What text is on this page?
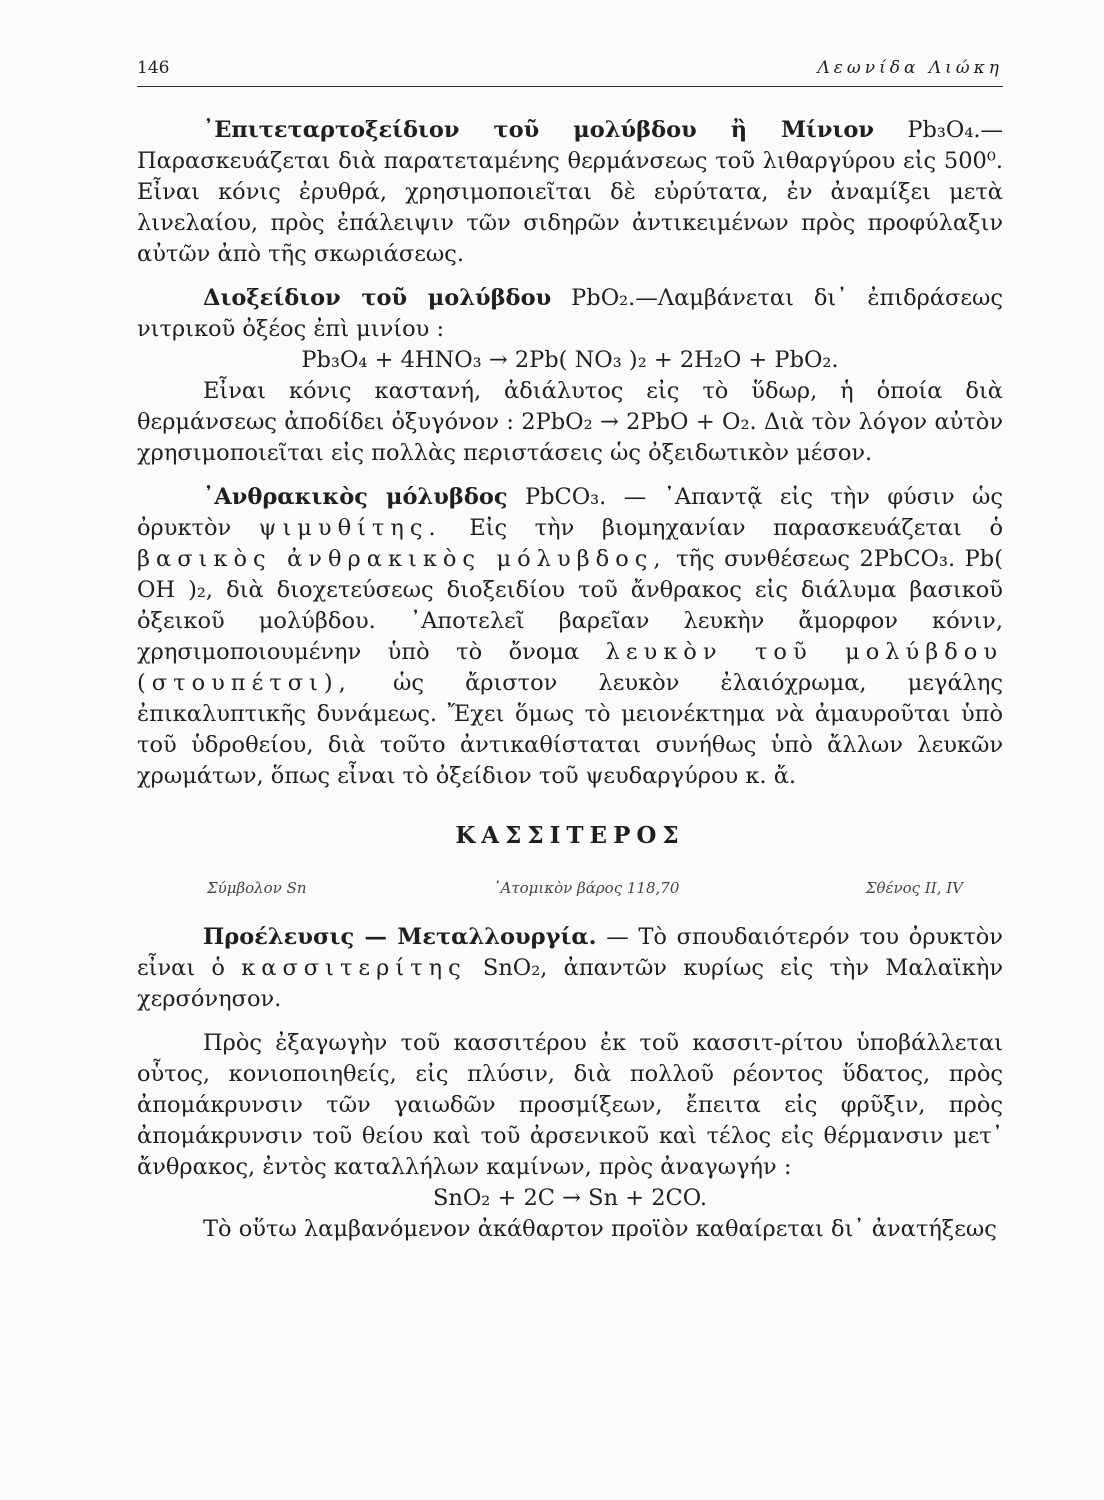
146	Λεωνίδα Λιώκη

᾿Επιτεταρτοξείδιον τοῦ μολύβδου ἢ Μίνιον Pb₃O₄.— Παρασκευάζεται διὰ παρατεταμένης θερμάνσεως τοῦ λιθαργύρου εἰς 500⁰. Εἶναι κόνις ἐρυθρά, χρησιμοποιεῖται δὲ εὐρύτατα, ἐν ἀναμίξει μετὰ λινελαίου, πρὸς ἐπάλειψιν τῶν σιδηρῶν ἀντικειμένων πρὸς προφύλαξιν αὐτῶν ἀπὸ τῆς σκωριάσεως.

Διοξείδιον τοῦ μολύβδου PbO₂.—Λαμβάνεται δι᾿ ἐπιδράσεως νιτρικοῦ ὀξέος ἐπὶ μινίου :

Pb₃O₄ + 4HNO₃ → 2Pb( NO₃ )₂ + 2H₂O + PbO₂.

Εἶναι κόνις καστανή, ἀδιάλυτος εἰς τὸ ὕδωρ, ἡ ὁποία διὰ θερμάνσεως ἀποδίδει ὀξυγόνον : 2PbO₂ → 2PbO + O₂. Διὰ τὸν λόγον αὐτὸν χρησιμοποιεῖται εἰς πολλὰς περιστάσεις ὡς ὀξειδωτικὸν μέσον.

᾿Ανθρακικὸς μόλυβδος PbCO₃. — ᾿Απαντᾷ εἰς τὴν φύσιν ὡς ὀρυκτὸν ψιμυθίτης. Εἰς τὴν βιομηχανίαν παρασκευάζεται ὁ βασικὸς ἀνθρακικὸς μόλυβδος, τῆς συνθέσεως 2PbCO₃. Pb( OH )₂, διὰ διοχετεύσεως διοξειδίου τοῦ ἄνθρακος εἰς διάλυμα βασικοῦ ὀξεικοῦ μολύβδου. ᾿Αποτελεῖ βαρεῖαν λευκὴν ἄμορφον κόνιν, χρησιμοποιουμένην ὑπὸ τὸ ὄνομα λευκὸν τοῦ μολύβδου (στουπέτσι), ὡς ἄριστον λευκὸν ἐλαιόχρωμα, μεγάλης ἐπικαλυπτικῆς δυνάμεως. Ἔχει ὅμως τὸ μειονέκτημα νὰ ἀμαυροῦται ὑπὸ τοῦ ὑδροθείου, διὰ τοῦτο ἀντικαθίσταται συνήθως ὑπὸ ἄλλων λευκῶν χρωμάτων, ὅπως εἶναι τὸ ὀξείδιον τοῦ ψευδαργύρου κ. ἄ.

ΚΑΣΣΙΤΕΡΟΣ
Σύμβολον Sn	᾿Ατομικὸν βάρος 118,70	Σθένος II, IV

Προέλευσις — Μεταλλουργία. — Τὸ σπουδαιότερόν του ὀρυκτὸν εἶναι ὁ κασσιτερίτης SnO₂, ἀπαντῶν κυρίως εἰς τὴν Μαλαϊκὴν χερσόνησον.

Πρὸς ἐξαγωγὴν τοῦ κασσιτέρου ἐκ τοῦ κασσιτ-ρίτου ὑποβάλλεται οὗτος, κονιοποιηθείς, εἰς πλύσιν, διὰ πολλοῦ ρέοντος ὕδατος, πρὸς ἀπομάκρυνσιν τῶν γαιωδῶν προσμίξεων, ἔπειτα εἰς φρῦξιν, πρὸς ἀπομάκρυνσιν τοῦ θείου καὶ τοῦ ἀρσενικοῦ καὶ τέλος εἰς θέρμανσιν μετ᾿ ἄνθρακος, ἐντὸς καταλλήλων καμίνων, πρὸς ἀναγωγήν :

SnO₂ + 2C → Sn + 2CO.

Τὸ οὕτω λαμβανόμενον ἀκάθαρτον προϊὸν καθαίρεται δι᾿ ἀνατήξεως
